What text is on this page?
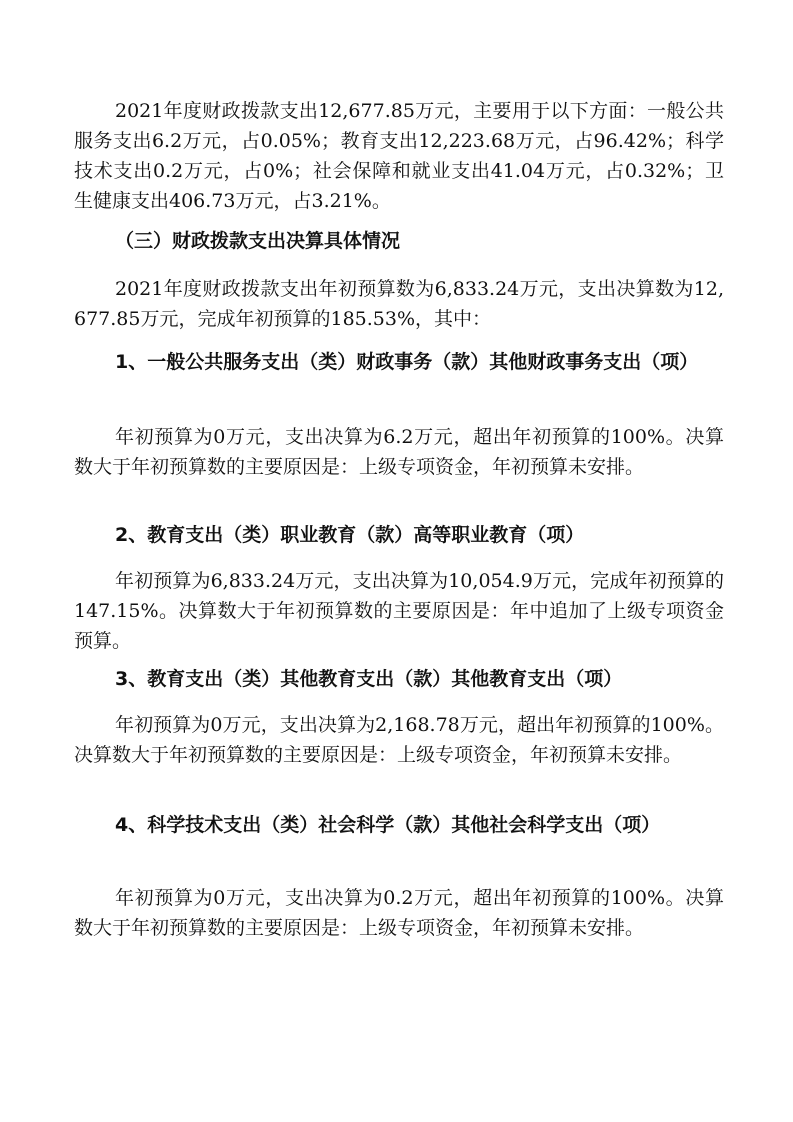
2021年度财政拨款支出12,677.85万元，主要用于以下方面：一般公共服务支出6.2万元，占0.05%；教育支出12,223.68万元，占96.42%；科学技术支出0.2万元，占0%；社会保障和就业支出41.04万元，占0.32%；卫生健康支出406.73万元，占3.21%。

（三）财政拨款支出决算具体情况

2021年度财政拨款支出年初预算数为6,833.24万元，支出决算数为12,677.85万元，完成年初预算的185.53%，其中：

1、一般公共服务支出（类）财政事务（款）其他财政事务支出（项）

年初预算为0万元，支出决算为6.2万元，超出年初预算的100%。决算数大于年初预算数的主要原因是：上级专项资金，年初预算未安排。

2、教育支出（类）职业教育（款）高等职业教育（项）

年初预算为6,833.24万元，支出决算为10,054.9万元，完成年初预算的147.15%。决算数大于年初预算数的主要原因是：年中追加了上级专项资金预算。

3、教育支出（类）其他教育支出（款）其他教育支出（项）

年初预算为0万元，支出决算为2,168.78万元，超出年初预算的100%。决算数大于年初预算数的主要原因是：上级专项资金，年初预算未安排。

4、科学技术支出（类）社会科学（款）其他社会科学支出（项）

年初预算为0万元，支出决算为0.2万元，超出年初预算的100%。决算数大于年初预算数的主要原因是：上级专项资金，年初预算未安排。
